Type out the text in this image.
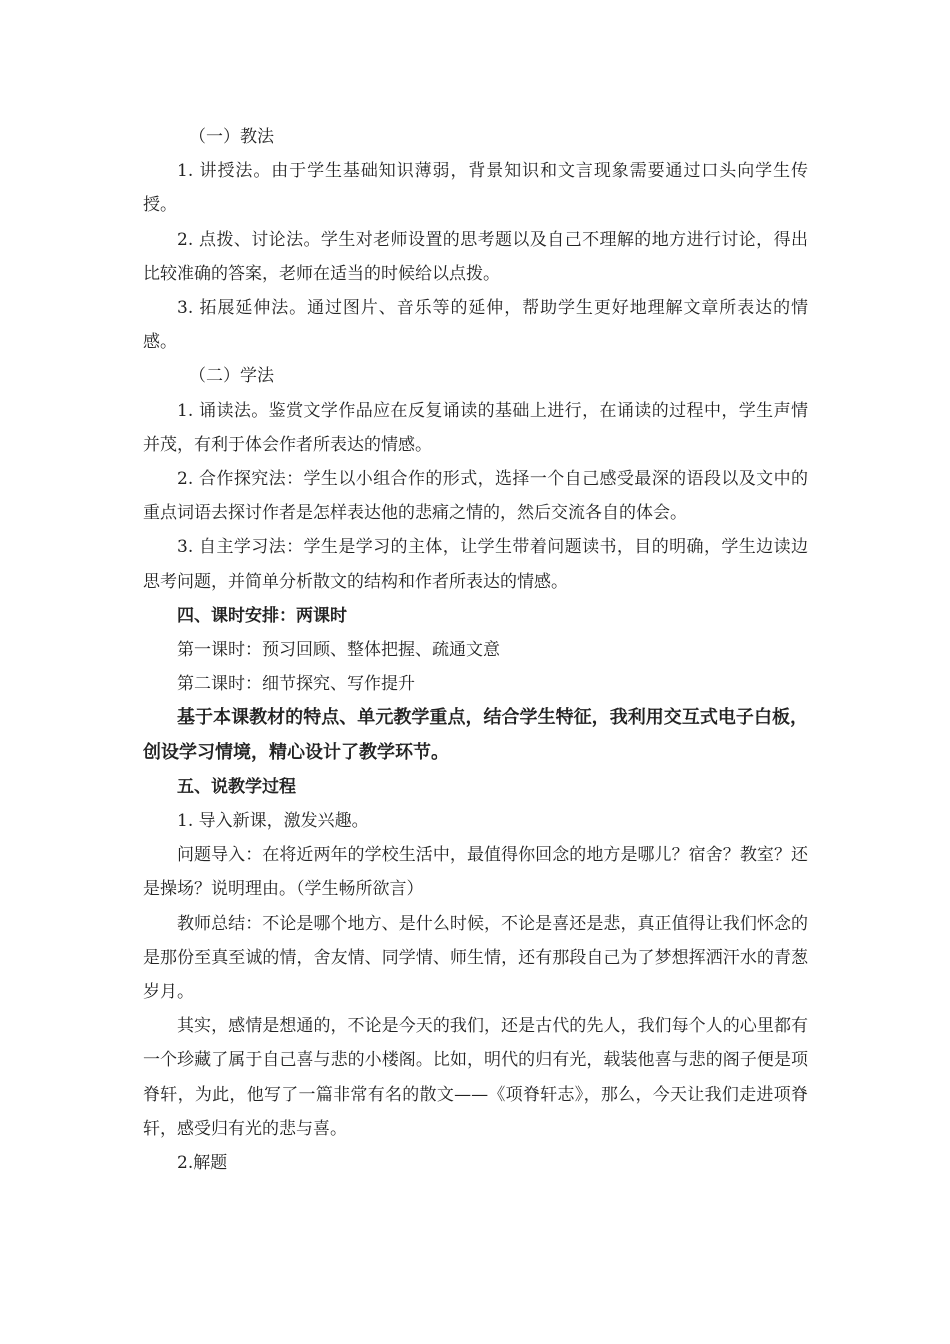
（一）教法

1. 讲授法。由于学生基础知识薄弱，背景知识和文言现象需要通过口头向学生传授。

2. 点拨、讨论法。学生对老师设置的思考题以及自己不理解的地方进行讨论，得出比较准确的答案，老师在适当的时候给以点拨。

3. 拓展延伸法。通过图片、音乐等的延伸，帮助学生更好地理解文章所表达的情感。

（二）学法

1. 诵读法。鉴赏文学作品应在反复诵读的基础上进行，在诵读的过程中，学生声情并茂，有利于体会作者所表达的情感。

2. 合作探究法：学生以小组合作的形式，选择一个自己感受最深的语段以及文中的重点词语去探讨作者是怎样表达他的悲痛之情的，然后交流各自的体会。

3. 自主学习法：学生是学习的主体，让学生带着问题读书，目的明确，学生边读边思考问题，并简单分析散文的结构和作者所表达的情感。

四、课时安排：两课时

第一课时：预习回顾、整体把握、疏通文意

第二课时：细节探究、写作提升

基于本课教材的特点、单元教学重点，结合学生特征，我利用交互式电子白板，创设学习情境，精心设计了教学环节。

五、说教学过程

1. 导入新课，激发兴趣。

问题导入：在将近两年的学校生活中，最值得你回念的地方是哪儿？宿舍？教室？还是操场？说明理由。（学生畅所欲言）

教师总结：不论是哪个地方、是什么时候，不论是喜还是悲，真正值得让我们怀念的是那份至真至诚的情，舍友情、同学情、师生情，还有那段自己为了梦想挥洒汗水的青葱岁月。

其实，感情是想通的，不论是今天的我们，还是古代的先人，我们每个人的心里都有一个珍藏了属于自己喜与悲的小楼阁。比如，明代的归有光，载装他喜与悲的阁子便是项脊轩，为此，他写了一篇非常有名的散文——《项脊轩志》，那么，今天让我们走进项脊轩，感受归有光的悲与喜。

2.解题
